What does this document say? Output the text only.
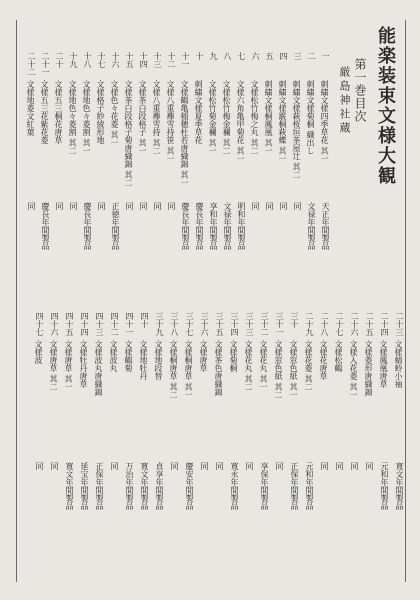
能楽装束文様大観
第一巻目次
厳島神社蔵
一
刺繍文様四季草花 其一
天正年間製品
二
刺繍文様菊桐 織出し
文禄年間製品
三
刺繍文様萩桜垣茶屋辻 其二
同
四
刺繍文様霰桐萩蝶 其一
同
五
刺繍文様桐鳳凰 其一
同
六
文様松竹梅之丸 其二
同
七
文様六角亀甲菊花 其一
明和年間製品
八
文様松竹梅金襴 其二
文禄年間製品
九
文様松竹菊金襴 其一
享和年間製品
十
刺繍文様夏季草花
慶長年間製品
十一
文様鶴亀稲穂杜若唐織錦 其一
慶長年間製品
十二
文様八重襷雪持笹 其一
同
十三
文様八重襷雪持 其二
同
十四
文様茶白段格子 其一
同
十五
文様茶白段格子菊唐織錦 其二
同
十六
文様色々花菱 其一
正徳年間製品
十七
文様格子紗綾形地
同
十八
文様地色々菱割 其一
慶長年間製品
十九
文様地色々菱割 其二
同
二十
文様五三桐花唐草
同
二十一
文様五三花紫花菱
慶長年間製品
二十二
文様地菱文紅葉
同
二十三
文様蜻蛉小袖
寛文年間製品
二十四
文様鳳凰唐草
元和年間製品
二十五
文様菱形唐織錦
同
二十六
文様入花菱 其一
同
二十七
文様松鶴
同
二十八
文様花唐草
同
二十九
文様花菱 其二
元和年間製品
三十
文様窓色紙 其一
正保年間製品
三十一
文様窓色紙 其二
同
三十二
文様花丸 其一
享保年間製品
三十三
文様花丸 其二
同
三十四
文様菊桐
寛永年間製品
三十五
文様茶色唐織錦
同
三十六
文様唐草
同
三十七
文様桐唐草 其一
慶安年間製品
三十八
文様桐唐草 其二
同
三十九
文様地段替
貞享年間製品
四十
文様地牡丹
寛文年間製品
四十一
文様鶴菊
万治年間製品
四十二
文様波丸
同
四十三
文様波丸唐織錦
正保年間製品
四十四
文様牡丹唐草
延宝年間製品
四十五
文様唐草 其一
寛文年間製品
四十六
文様唐草 其二
同
四十七
文様波
同
